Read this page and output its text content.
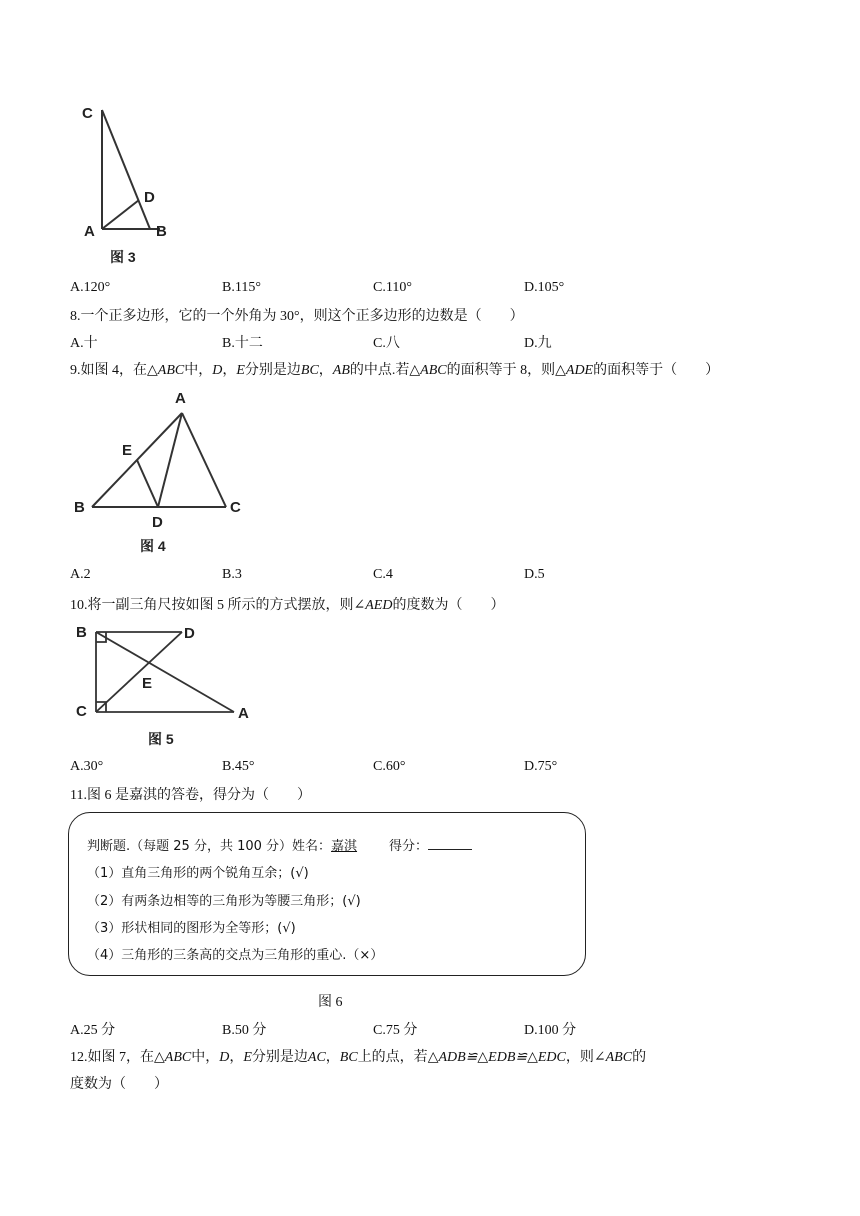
C
D
A	B
图 3
A.120°	B.115°	C.110°	D.105°
8.一个正多边形，它的一个外角为 30°，则这个正多边形的边数是（　　）
A.十	B.十二	C.八	D.九
9.如图 4，在△ABC中，D，E分别是边BC，AB的中点.若△ABC的面积等于 8，则△ADE的面积等于（　　）
A
E
B
D
C
图 4
A.2	B.3	C.4	D.5
10.将一副三角尺按如图 5 所示的方式摆放，则∠AED的度数为（　　）
B	D
E
C	A
图 5
A.30°	B.45°	C.60°	D.75°
11.图 6 是嘉淇的答卷，得分为（　　）
判断题.（每题 25 分，共 100 分）姓名：嘉淇 得分：
（1）直角三角形的两个锐角互余；(√)
（2）有两条边相等的三角形为等腰三角形；(√)
（3）形状相同的图形为全等形；(√)
（4）三角形的三条高的交点为三角形的重心.（×）
图 6
A.25 分	B.50 分	C.75 分	D.100 分
12.如图 7，在△ABC中，D，E分别是边AC，BC上的点，若△ADB≌△EDB≌△EDC，则∠ABC的
度数为（　　）
